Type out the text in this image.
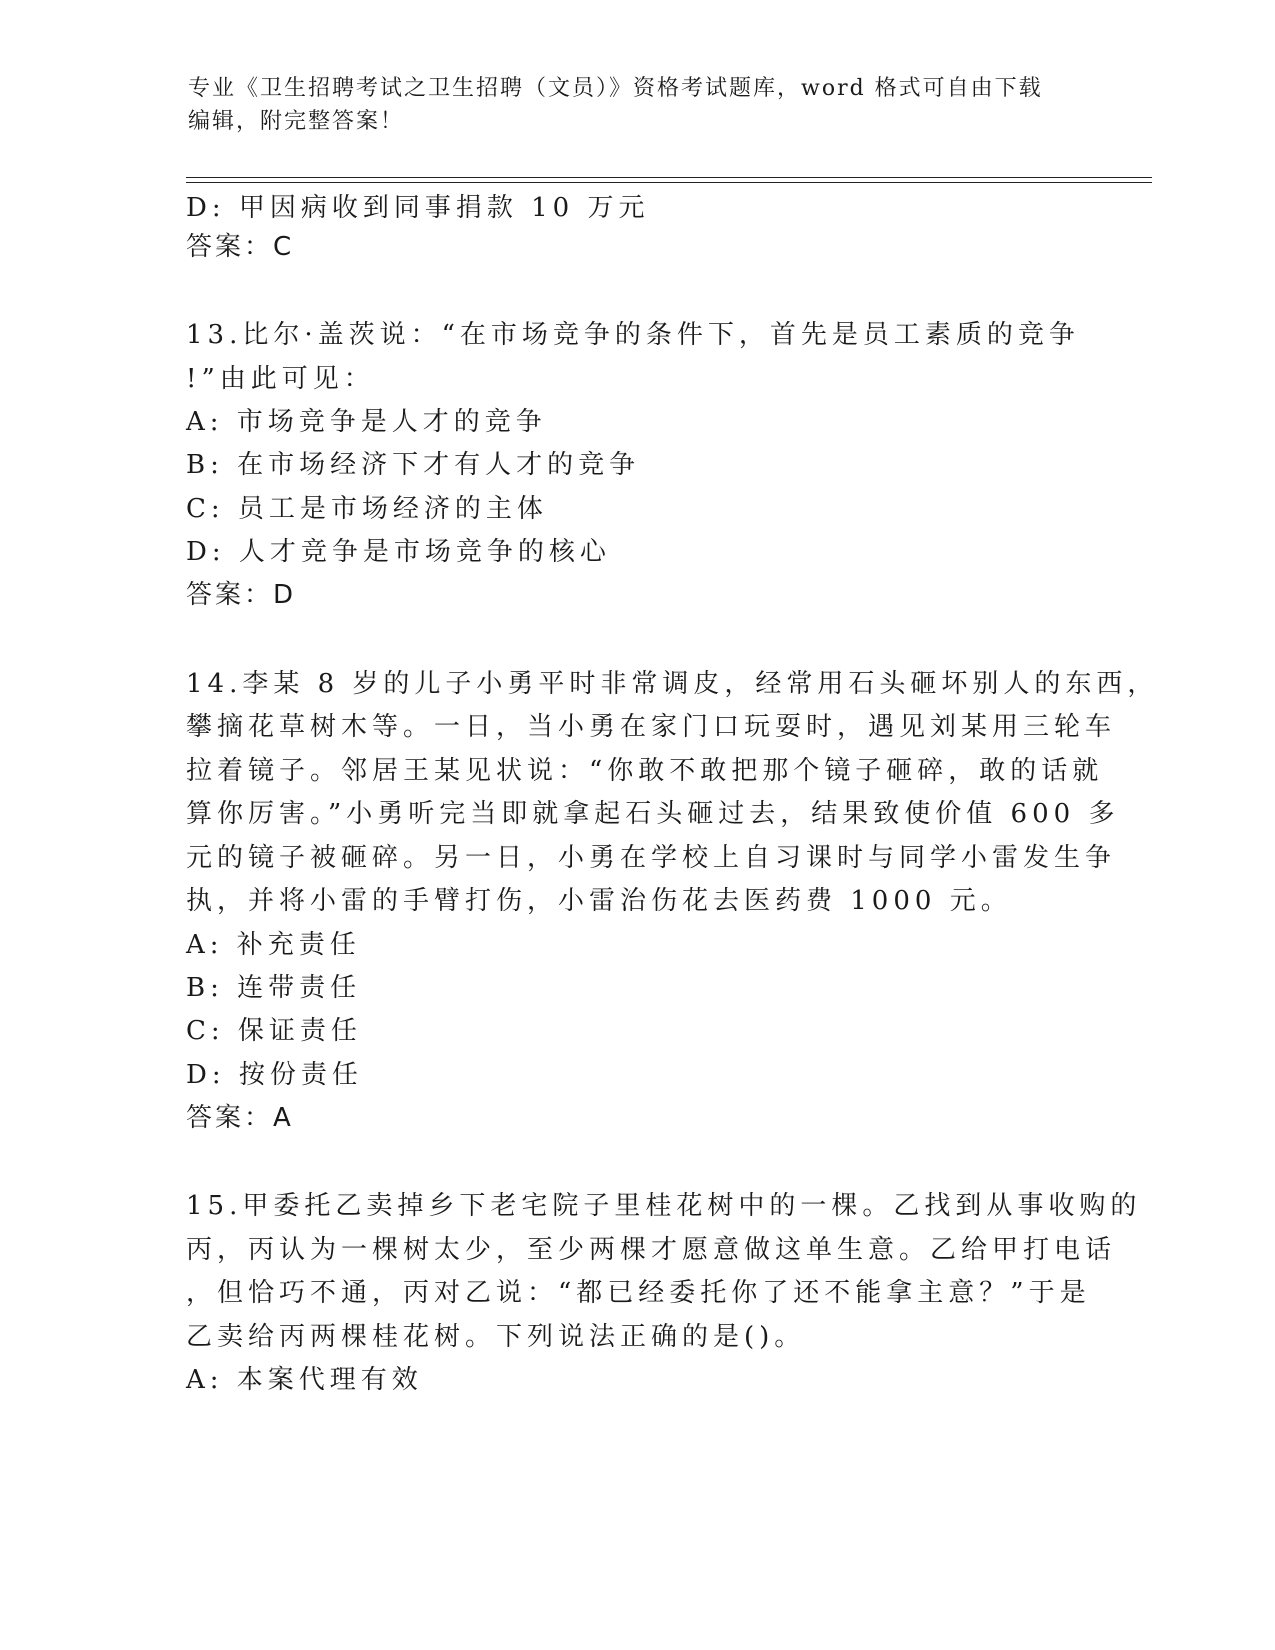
专业《卫生招聘考试之卫生招聘（文员）》资格考试题库，word 格式可自由下载
编辑，附完整答案！
D: 甲因病收到同事捐款 10 万元
答案：C
13.比尔·盖茨说：“在市场竞争的条件下，首先是员工素质的竞争
!”由此可见：
A: 市场竞争是人才的竞争
B: 在市场经济下才有人才的竞争
C: 员工是市场经济的主体
D: 人才竞争是市场竞争的核心
答案：D
14.李某 8 岁的儿子小勇平时非常调皮，经常用石头砸坏别人的东西，
攀摘花草树木等。一日，当小勇在家门口玩耍时，遇见刘某用三轮车
拉着镜子。邻居王某见状说：“你敢不敢把那个镜子砸碎，敢的话就
算你厉害。”小勇听完当即就拿起石头砸过去，结果致使价值 600 多
元的镜子被砸碎。另一日，小勇在学校上自习课时与同学小雷发生争
执，并将小雷的手臂打伤，小雷治伤花去医药费 1000 元。
A: 补充责任
B: 连带责任
C: 保证责任
D: 按份责任
答案：A
15.甲委托乙卖掉乡下老宅院子里桂花树中的一棵。乙找到从事收购的
丙，丙认为一棵树太少，至少两棵才愿意做这单生意。乙给甲打电话
，但恰巧不通，丙对乙说：“都已经委托你了还不能拿主意？”于是
乙卖给丙两棵桂花树。下列说法正确的是()。
A: 本案代理有效
